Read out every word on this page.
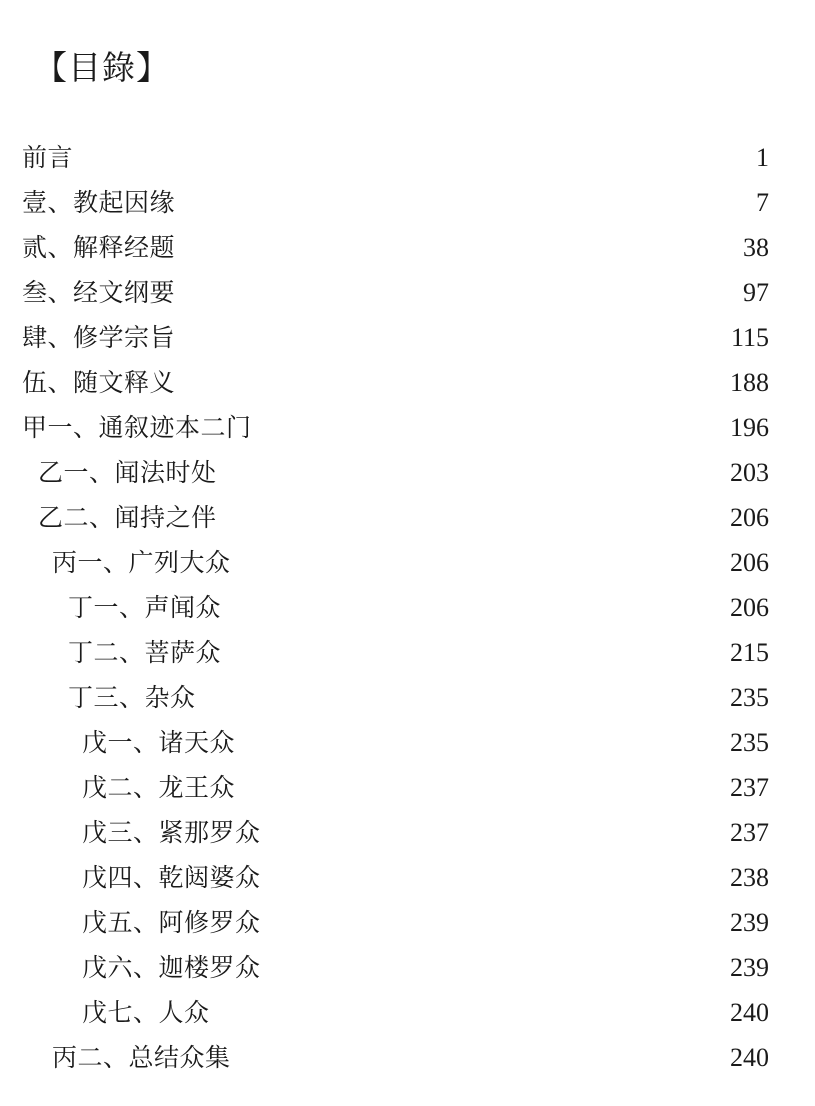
【目錄】
前言	1
壹、教起因缘	7
贰、解释经题	38
叁、经文纲要	97
肆、修学宗旨	115
伍、随文释义	188
甲一、通叙迹本二门	196
乙一、闻法时处	203
乙二、闻持之伴	206
丙一、广列大众	206
丁一、声闻众	206
丁二、菩萨众	215
丁三、杂众	235
戊一、诸天众	235
戊二、龙王众	237
戊三、紧那罗众	237
戊四、乾闼婆众	238
戊五、阿修罗众	239
戊六、迦楼罗众	239
戊七、人众	240
丙二、总结众集	240
